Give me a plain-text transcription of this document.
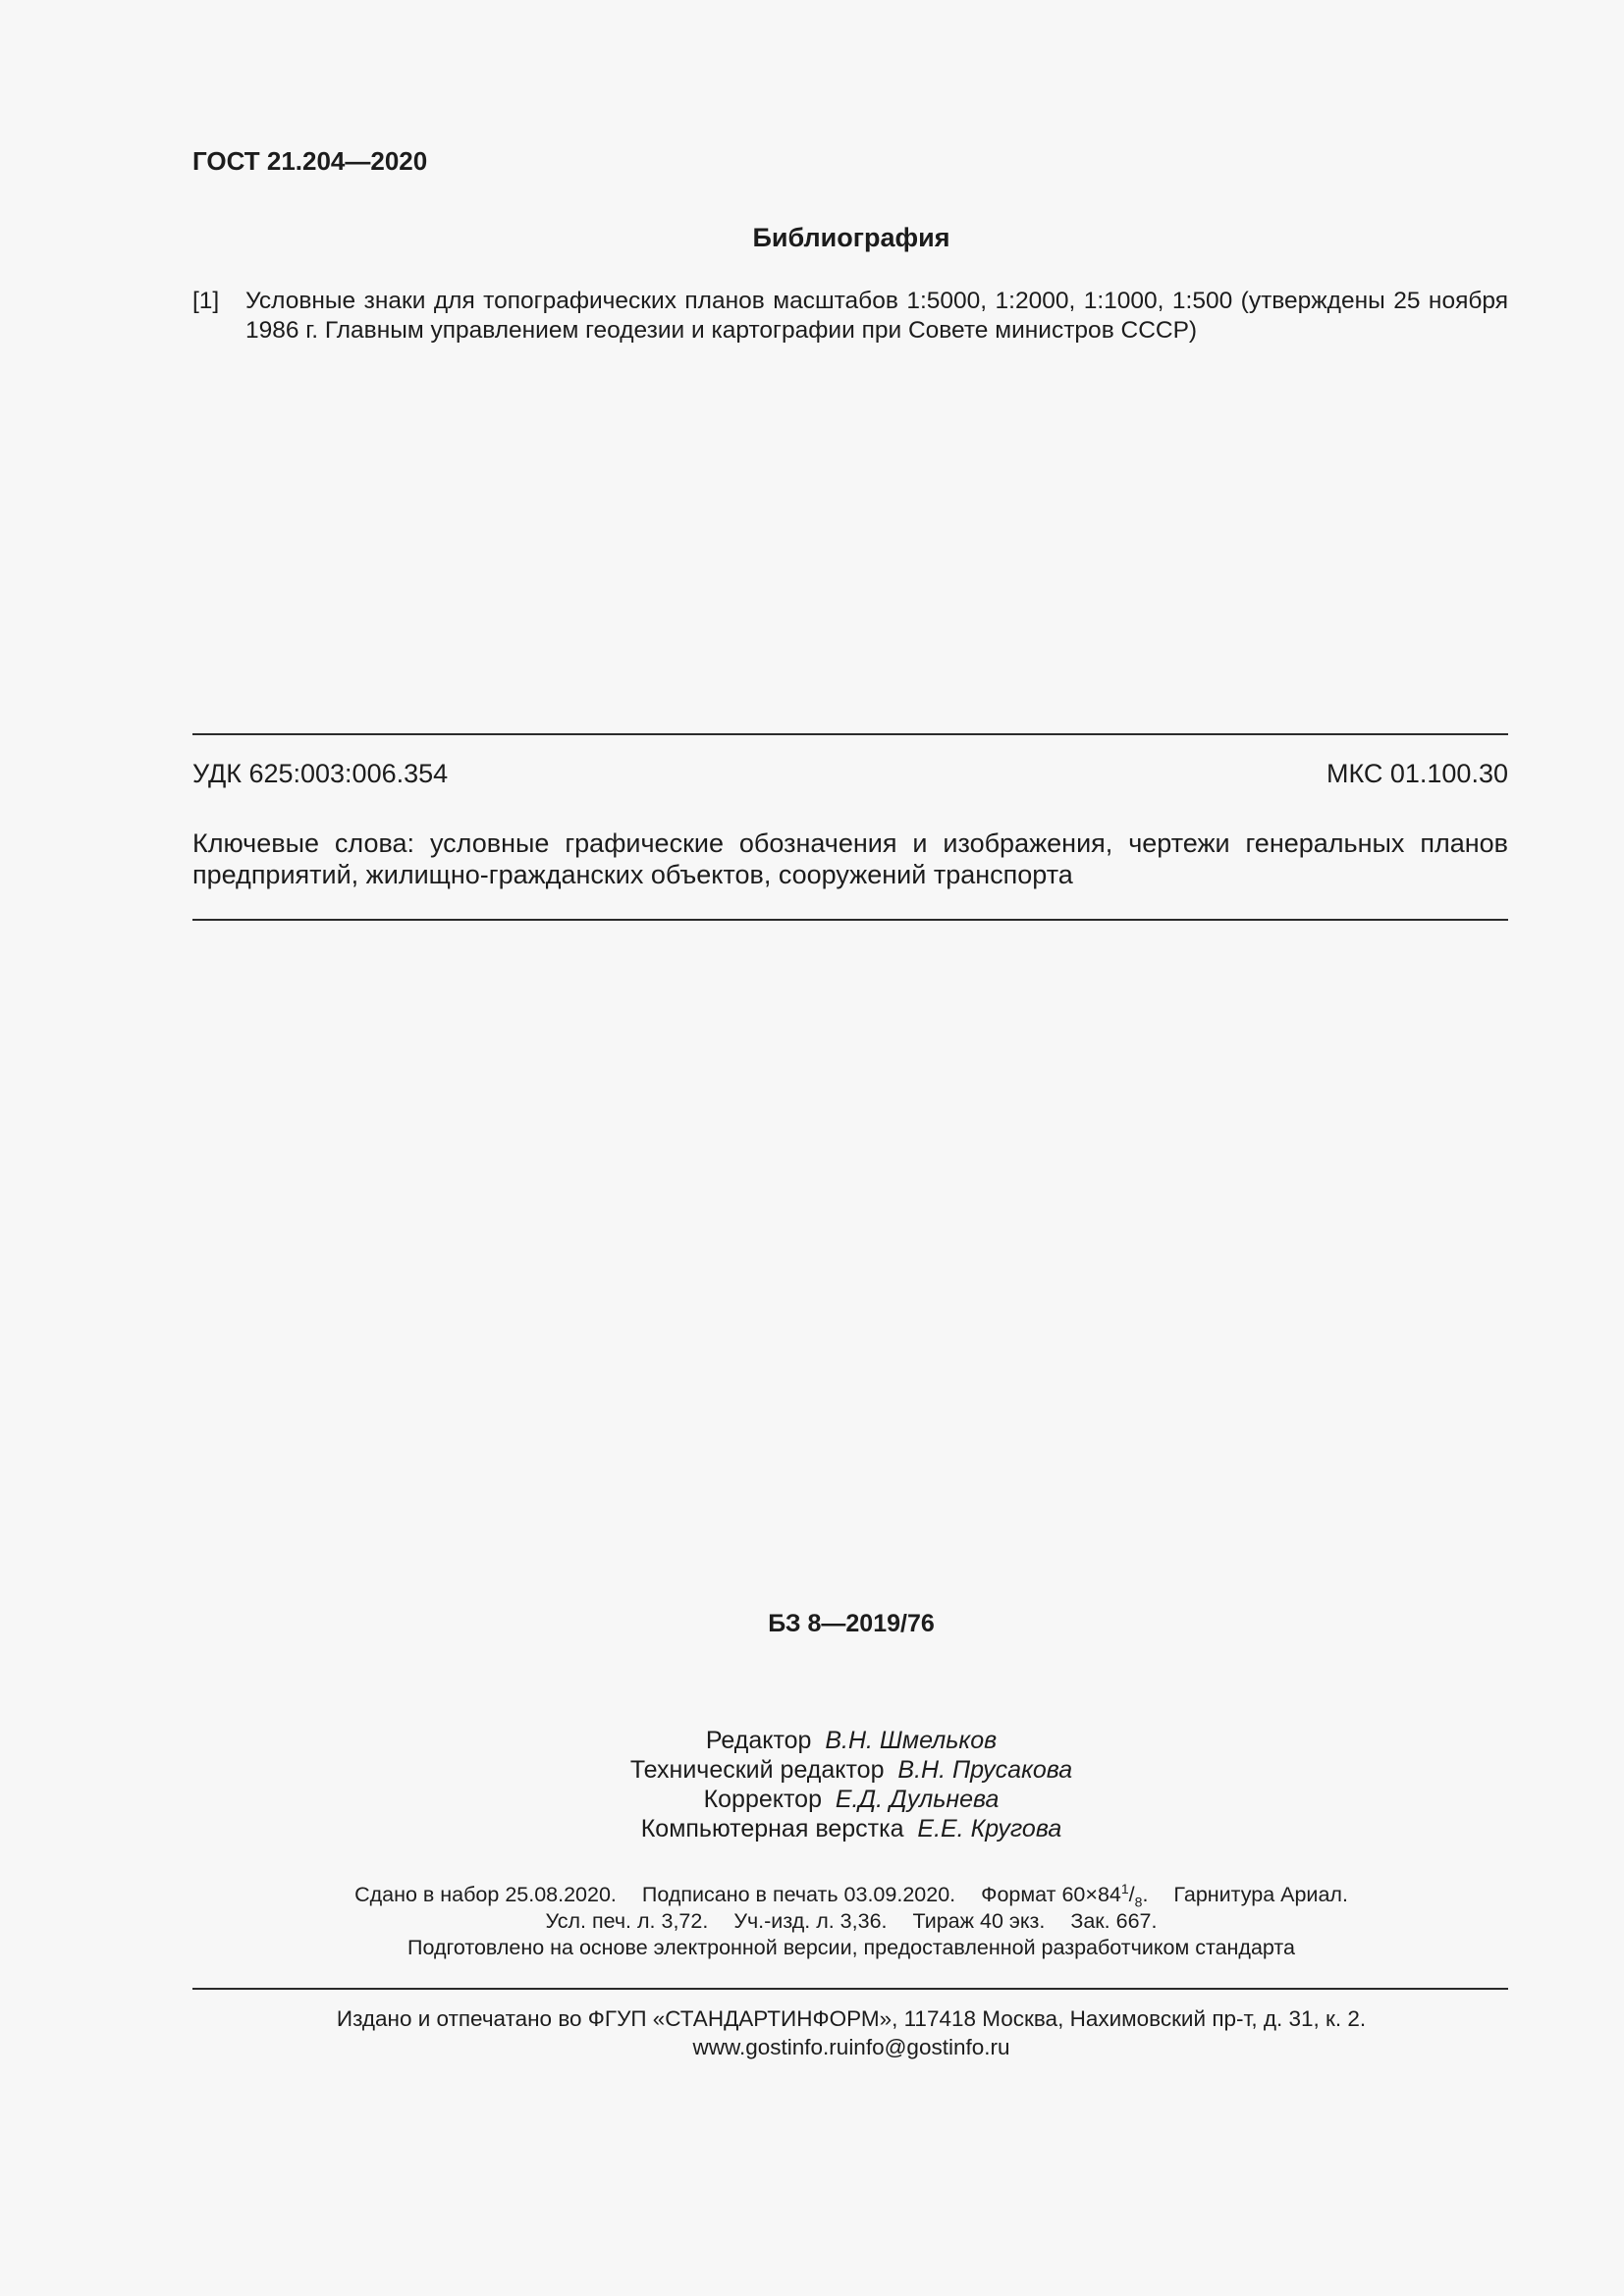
ГОСТ 21.204—2020
Библиография
[1] Условные знаки для топографических планов масштабов 1:5000, 1:2000, 1:1000, 1:500 (утверждены 25 ноября 1986 г. Главным управлением геодезии и картографии при Совете министров СССР)
УДК 625:003:006.354	МКС 01.100.30
Ключевые слова: условные графические обозначения и изображения, чертежи генеральных планов предприятий, жилищно-гражданских объектов, сооружений транспорта
БЗ 8—2019/76
Редактор В.Н. Шмельков
Технический редактор В.Н. Прусакова
Корректор Е.Д. Дульнева
Компьютерная верстка Е.Е. Кругова
Сдано в набор 25.08.2020. Подписано в печать 03.09.2020. Формат $60\times 84^1/_8$. Гарнитура Ариал.
Усл. печ. л. 3,72. Уч.-изд. л. 3,36. Тираж 40 экз. Зак. 667.
Подготовлено на основе электронной версии, предоставленной разработчиком стандарта
Издано и отпечатано во ФГУП «СТАНДАРТИНФОРМ», 117418 Москва, Нахимовский пр-т, д. 31, к. 2.
www.gostinfo.ruinfo@gostinfo.ru
